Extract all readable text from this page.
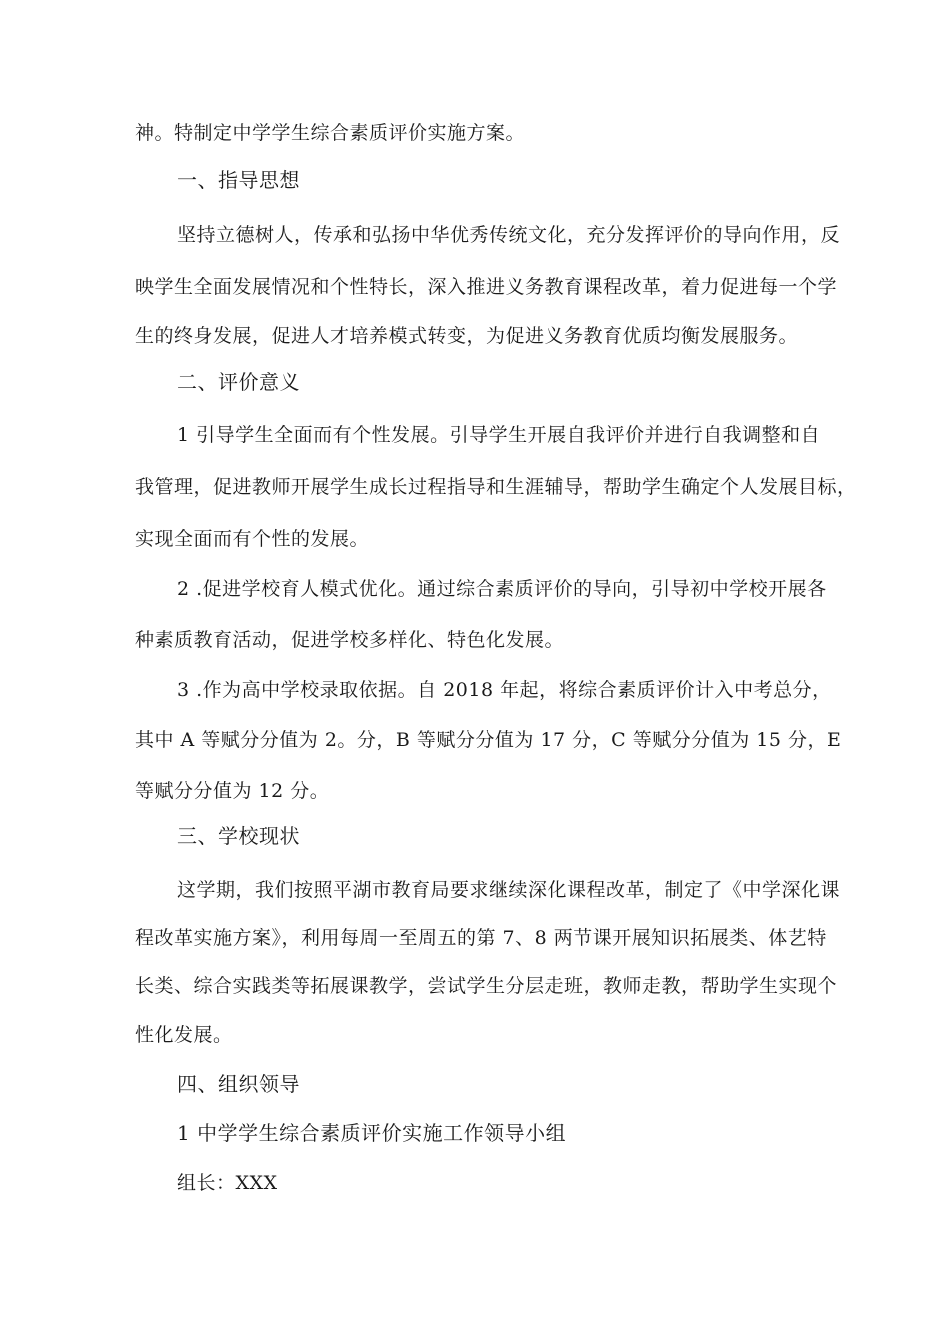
神。特制定中学学生综合素质评价实施方案。
一、指导思想
坚持立德树人，传承和弘扬中华优秀传统文化，充分发挥评价的导向作用，反
映学生全面发展情况和个性特长，深入推进义务教育课程改革，着力促进每一个学
生的终身发展，促进人才培养模式转变，为促进义务教育优质均衡发展服务。
二、评价意义
1 引导学生全面而有个性发展。引导学生开展自我评价并进行自我调整和自
我管理，促进教师开展学生成长过程指导和生涯辅导，帮助学生确定个人发展目标，
实现全面而有个性的发展。
2 .促进学校育人模式优化。通过综合素质评价的导向，引导初中学校开展各
种素质教育活动，促进学校多样化、特色化发展。
3 .作为高中学校录取依据。自 2018 年起，将综合素质评价计入中考总分，
其中 A 等赋分分值为 2。分，B 等赋分分值为 17 分，C 等赋分分值为 15 分，E
等赋分分值为 12 分。
三、学校现状
这学期，我们按照平湖市教育局要求继续深化课程改革，制定了《中学深化课
程改革实施方案》，利用每周一至周五的第 7、8 两节课开展知识拓展类、体艺特
长类、综合实践类等拓展课教学，尝试学生分层走班，教师走教，帮助学生实现个
性化发展。
四、组织领导
1 中学学生综合素质评价实施工作领导小组
组长：XXX
